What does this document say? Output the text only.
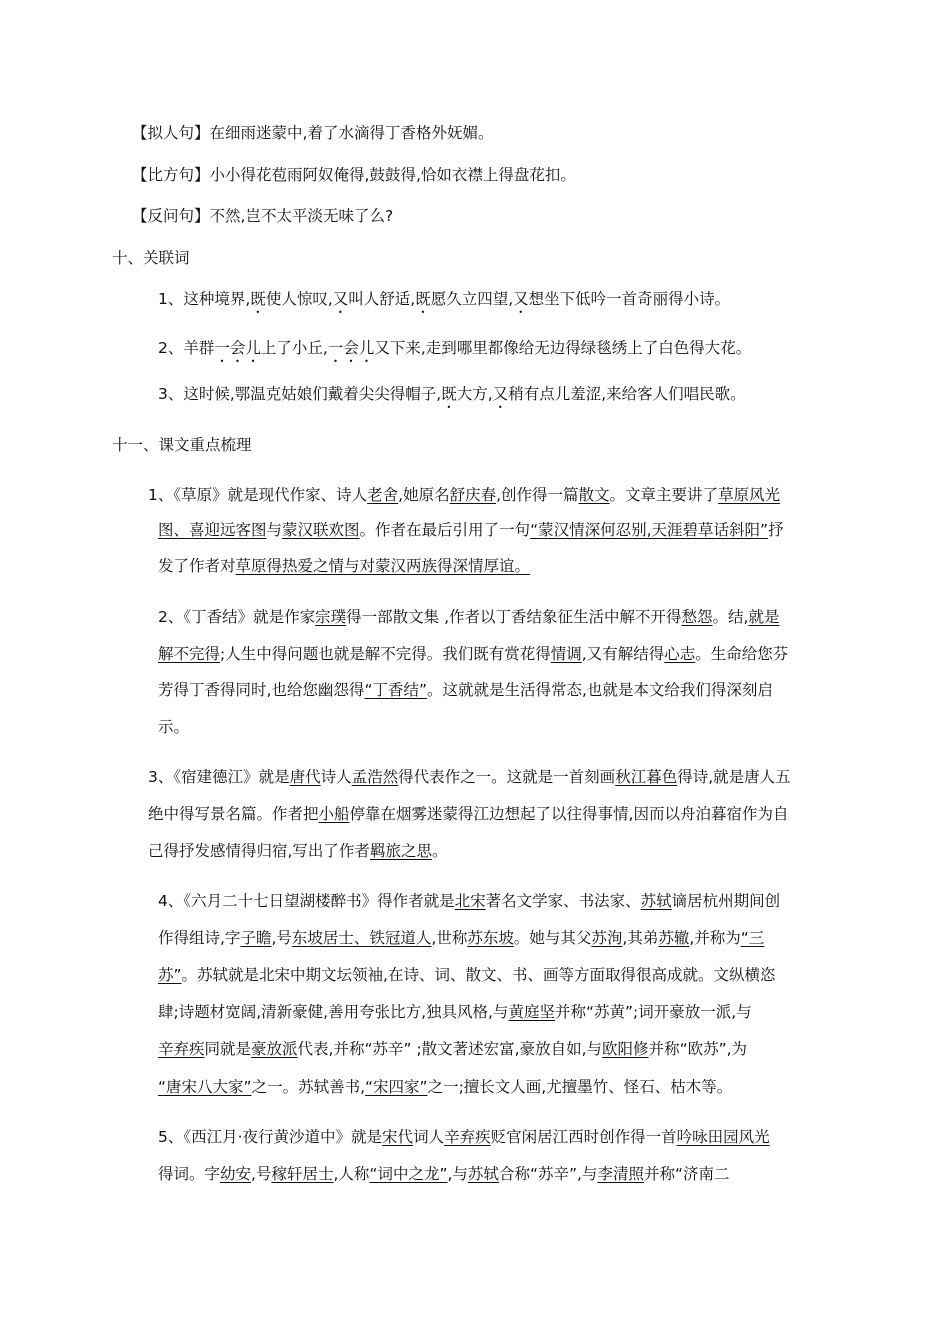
【拟人句】在细雨迷蒙中,着了水滴得丁香格外妩媚。
【比方句】小小得花苞雨阿奴俺得,鼓鼓得,恰如衣襟上得盘花扣。
【反问句】不然,岂不太平淡无味了么?
十、关联词
1、这种境界,既使人惊叹,又叫人舒适,既愿久立四望,又想坐下低吟一首奇丽得小诗。
2、羊群一会儿上了小丘,一会儿又下来,走到哪里都像给无边得绿毯绣上了白色得大花。
3、这时候,鄂温克姑娘们戴着尖尖得帽子,既大方,又稍有点儿羞涩,来给客人们唱民歌。
十一、课文重点梳理
1、《草原》就是现代作家、诗人老舍,她原名舒庆春,创作得一篇散文。文章主要讲了草原风光
图、喜迎远客图与蒙汉联欢图。作者在最后引用了一句“蒙汉情深何忍别,天涯碧草话斜阳”抒
发了作者对草原得热爱之情与对蒙汉两族得深情厚谊。
2、《丁香结》就是作家宗璞得一部散文集 ,作者以丁香结象征生活中解不开得愁怨。结,就是
解不完得;人生中得问题也就是解不完得。我们既有赏花得情调,又有解结得心志。生命给您芬
芳得丁香得同时,也给您幽怨得“丁香结”。这就就是生活得常态,也就是本文给我们得深刻启
示。
3、《宿建德江》就是唐代诗人孟浩然得代表作之一。这就是一首刻画秋江暮色得诗,就是唐人五
绝中得写景名篇。作者把小船停靠在烟雾迷蒙得江边想起了以往得事情,因而以舟泊暮宿作为自
己得抒发感情得归宿,写出了作者羁旅之思。
4、《六月二十七日望湖楼醉书》得作者就是北宋著名文学家、书法家、苏轼谪居杭州期间创
作得组诗,字子瞻,号东坡居士、铁冠道人,世称苏东坡。她与其父苏洵,其弟苏辙,并称为“三
苏”。苏轼就是北宋中期文坛领袖,在诗、词、散文、书、画等方面取得很高成就。文纵横恣
肆;诗题材宽阔,清新豪健,善用夸张比方,独具风格,与黄庭坚并称“苏黄”;词开豪放一派,与
辛弃疾同就是豪放派代表,并称“苏辛” ;散文著述宏富,豪放自如,与欧阳修并称“欧苏”,为
“唐宋八大家”之一。苏轼善书,“宋四家”之一;擅长文人画,尤擅墨竹、怪石、枯木等。
5、《西江月·夜行黄沙道中》就是宋代词人辛弃疾贬官闲居江西时创作得一首吟咏田园风光
得词。字幼安,号稼轩居士,人称“词中之龙”,与苏轼合称“苏辛”,与李清照并称“济南二
